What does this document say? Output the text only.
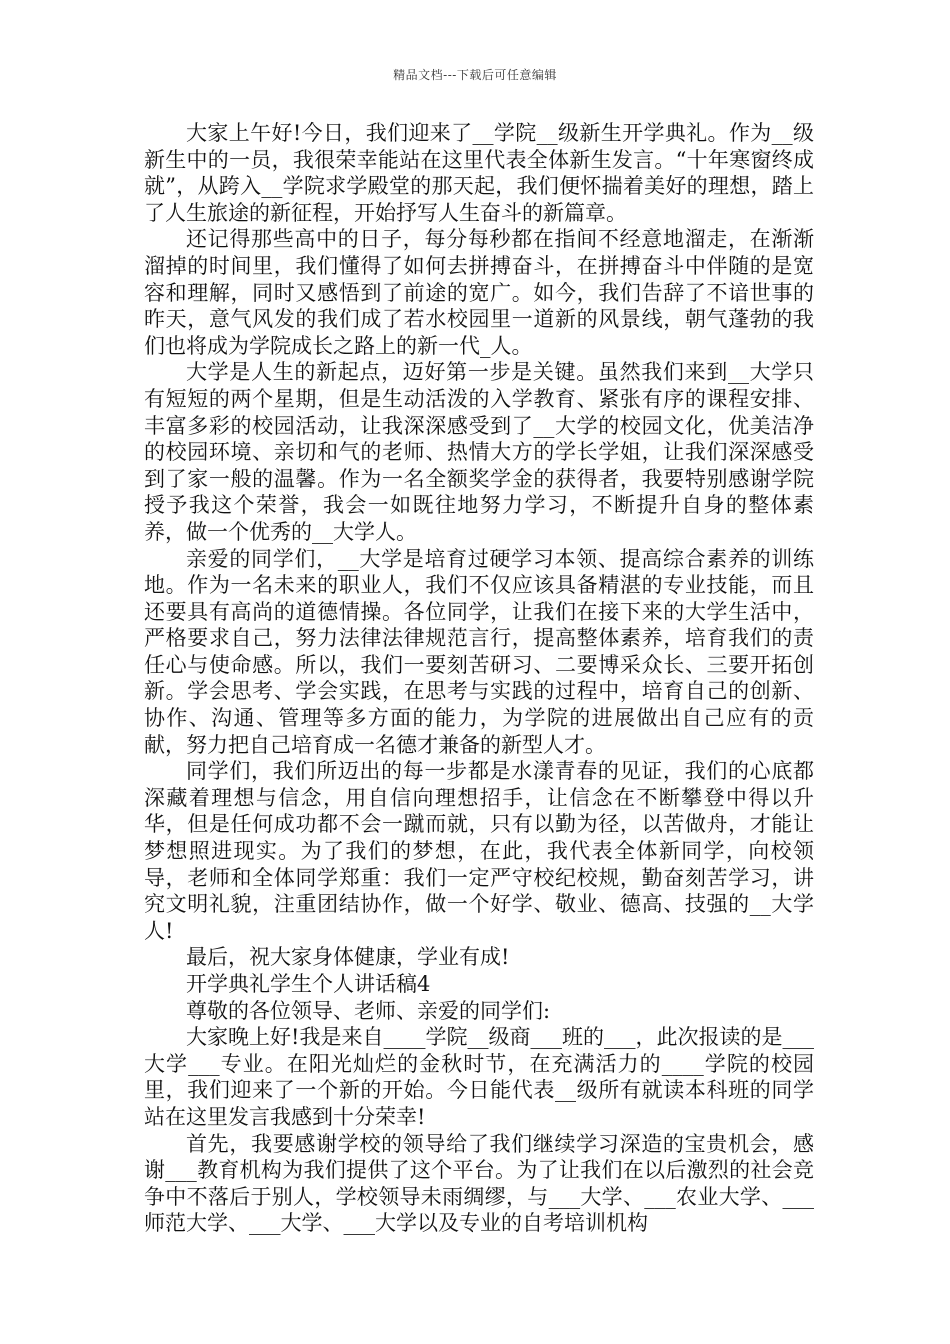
精品文档---下载后可任意编辑

大家上午好!今日，我们迎来了__学院__级新生开学典礼。作为__级新生中的一员，我很荣幸能站在这里代表全体新生发言。“十年寒窗终成就”，从跨入__学院求学殿堂的那天起，我们便怀揣着美好的理想，踏上了人生旅途的新征程，开始抒写人生奋斗的新篇章。

还记得那些高中的日子，每分每秒都在指间不经意地溜走，在渐渐溜掉的时间里，我们懂得了如何去拼搏奋斗，在拼搏奋斗中伴随的是宽容和理解，同时又感悟到了前途的宽广。如今，我们告辞了不谙世事的昨天，意气风发的我们成了若水校园里一道新的风景线，朝气蓬勃的我们也将成为学院成长之路上的新一代_人。

大学是人生的新起点，迈好第一步是关键。虽然我们来到__大学只有短短的两个星期，但是生动活泼的入学教育、紧张有序的课程安排、丰富多彩的校园活动，让我深深感受到了__大学的校园文化，优美洁净的校园环境、亲切和气的老师、热情大方的学长学姐，让我们深深感受到了家一般的温馨。作为一名全额奖学金的获得者，我要特别感谢学院授予我这个荣誉，我会一如既往地努力学习，不断提升自身的整体素养，做一个优秀的__大学人。

亲爱的同学们，__大学是培育过硬学习本领、提高综合素养的训练地。作为一名未来的职业人，我们不仅应该具备精湛的专业技能，而且还要具有高尚的道德情操。各位同学，让我们在接下来的大学生活中，严格要求自己，努力法律法律规范言行，提高整体素养，培育我们的责任心与使命感。所以，我们一要刻苦研习、二要博采众长、三要开拓创新。学会思考、学会实践，在思考与实践的过程中，培育自己的创新、协作、沟通、管理等多方面的能力，为学院的进展做出自己应有的贡献，努力把自己培育成一名德才兼备的新型人才。

同学们，我们所迈出的每一步都是水漾青春的见证，我们的心底都深藏着理想与信念，用自信向理想招手，让信念在不断攀登中得以升华，但是任何成功都不会一蹴而就，只有以勤为径，以苦做舟，才能让梦想照进现实。为了我们的梦想，在此，我代表全体新同学，向校领导，老师和全体同学郑重：我们一定严守校纪校规，勤奋刻苦学习，讲究文明礼貌，注重团结协作，做一个好学、敬业、德高、技强的__大学人!

最后，祝大家身体健康，学业有成!

开学典礼学生个人讲话稿4

尊敬的各位领导、老师、亲爱的同学们:

大家晚上好!我是来自____学院__级商___班的___，此次报读的是___大学___专业。在阳光灿烂的金秋时节，在充满活力的____学院的校园里，我们迎来了一个新的开始。今日能代表__级所有就读本科班的同学站在这里发言我感到十分荣幸!

首先，我要感谢学校的领导给了我们继续学习深造的宝贵机会，感谢___教育机构为我们提供了这个平台。为了让我们在以后激烈的社会竞争中不落后于别人，学校领导未雨绸缪，与___大学、___农业大学、___师范大学、___大学、___大学以及专业的自考培训机构
